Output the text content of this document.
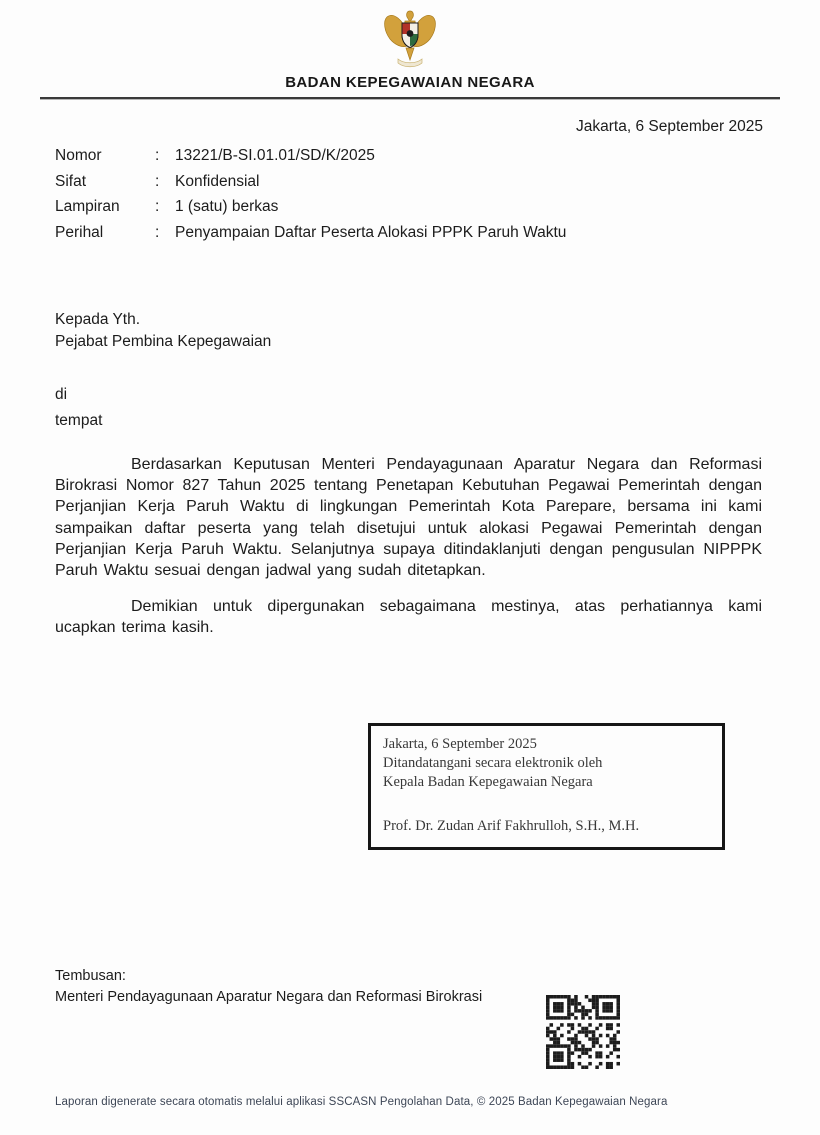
BADAN KEPEGAWAIAN NEGARA
Jakarta, 6 September 2025
Nomor	:	13221/B-SI.01.01/SD/K/2025
Sifat	:	Konfidensial
Lampiran	:	1 (satu) berkas
Perihal	:	Penyampaian Daftar Peserta Alokasi PPPK Paruh Waktu
Kepada Yth.
Pejabat Pembina Kepegawaian
di
tempat

Berdasarkan Keputusan Menteri Pendayagunaan Aparatur Negara dan Reformasi Birokrasi Nomor 827 Tahun 2025 tentang Penetapan Kebutuhan Pegawai Pemerintah dengan Perjanjian Kerja Paruh Waktu di lingkungan Pemerintah Kota Parepare, bersama ini kami sampaikan daftar peserta yang telah disetujui untuk alokasi Pegawai Pemerintah dengan Perjanjian Kerja Paruh Waktu. Selanjutnya supaya ditindaklanjuti dengan pengusulan NIPPPK Paruh Waktu sesuai dengan jadwal yang sudah ditetapkan.

Demikian untuk dipergunakan sebagaimana mestinya, atas perhatiannya kami ucapkan terima kasih.

Jakarta, 6 September 2025
Ditandatangani secara elektronik oleh
Kepala Badan Kepegawaian Negara
Prof. Dr. Zudan Arif Fakhrulloh, S.H., M.H.
Tembusan:
Menteri Pendayagunaan Aparatur Negara dan Reformasi Birokrasi
Laporan digenerate secara otomatis melalui aplikasi SSCASN Pengolahan Data, © 2025 Badan Kepegawaian Negara
